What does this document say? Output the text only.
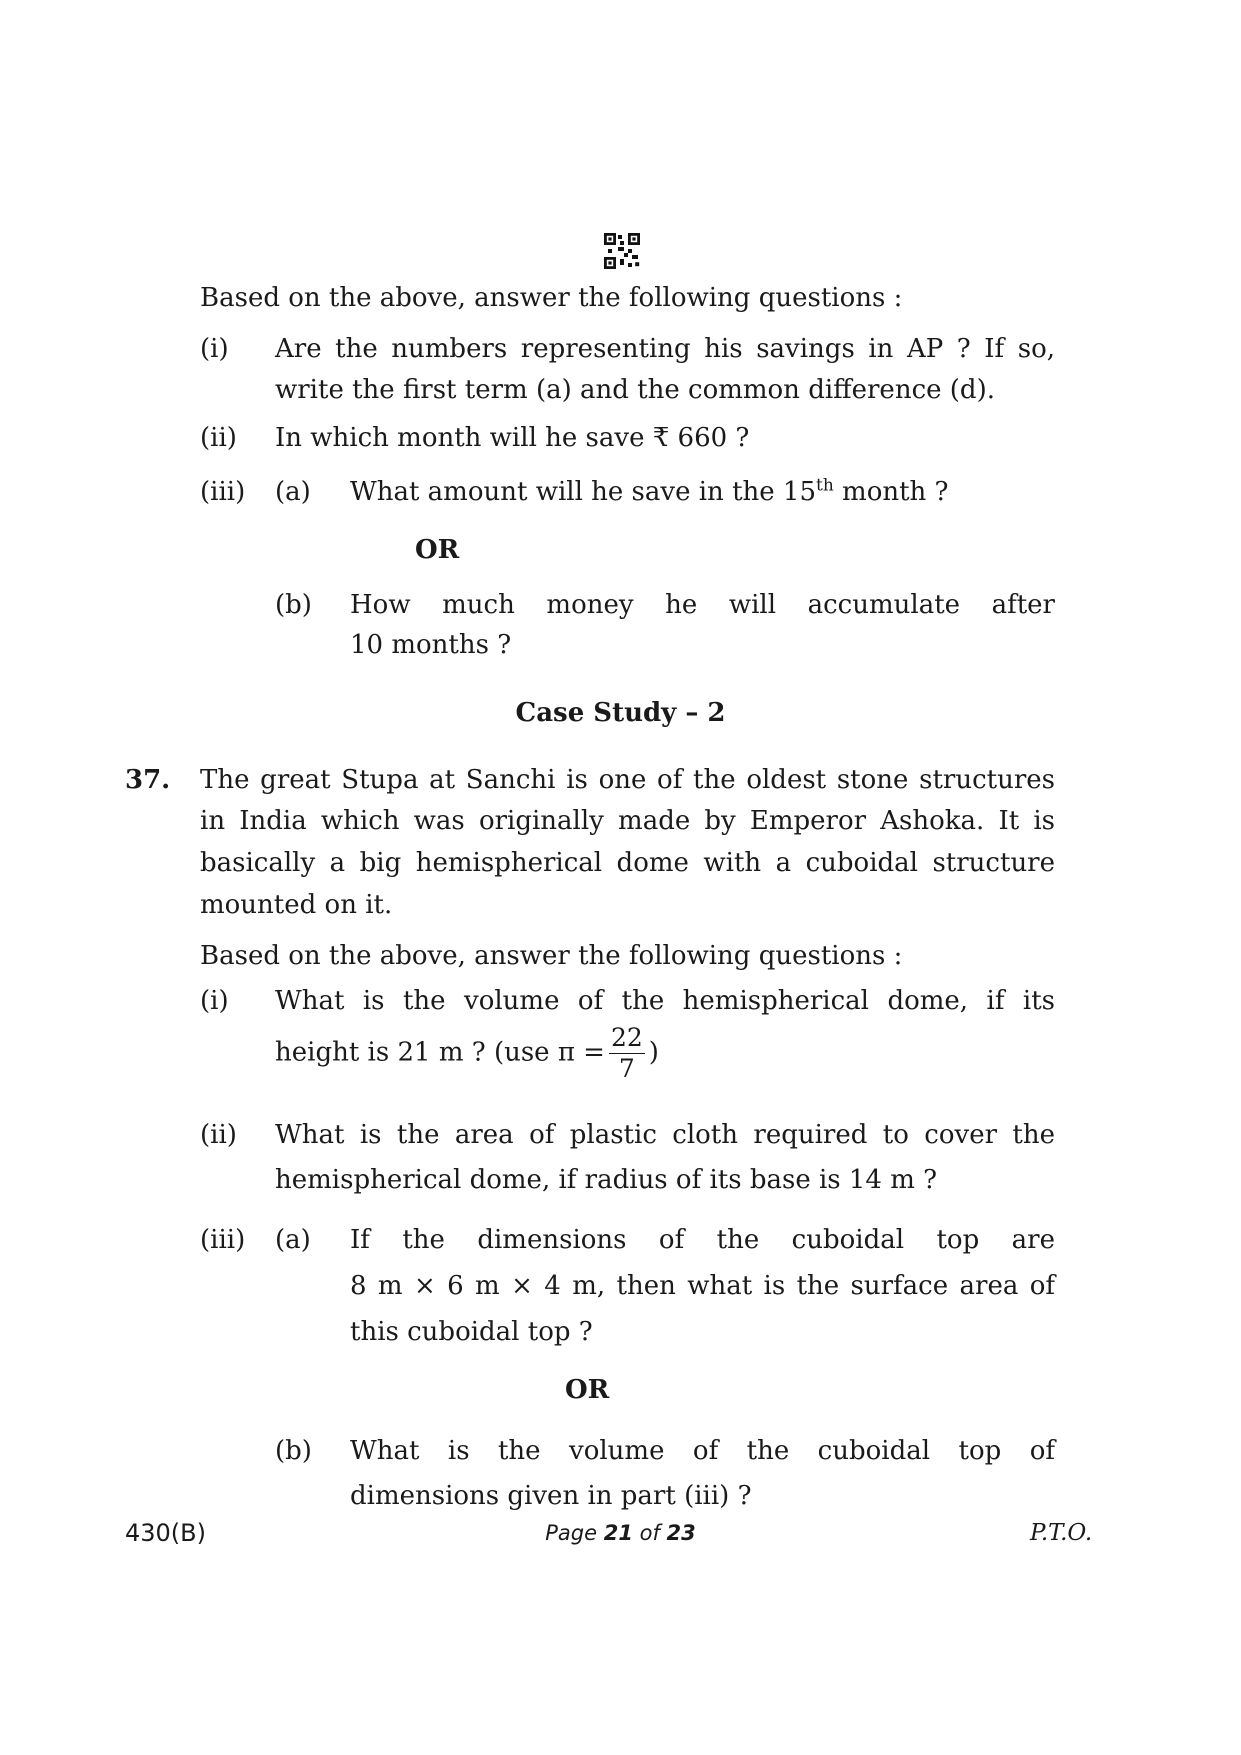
Based on the above, answer the following questions :
(i) Are the numbers representing his savings in AP ? If so,
write the first term (a) and the common difference (d).
(ii) In which month will he save ₹ 660 ?
(iii) (a) What amount will he save in the 15th month ?
OR
(b) How much money he will accumulate after
10 months ?
Case Study – 2
37. The great Stupa at Sanchi is one of the oldest stone structures
in India which was originally made by Emperor Ashoka. It is
basically a big hemispherical dome with a cuboidal structure
mounted on it.
Based on the above, answer the following questions :
(i) What is the volume of the hemispherical dome, if its
height is 21 m ? (use $\pi = \frac{22}{7}$ )
(ii) What is the area of plastic cloth required to cover the
hemispherical dome, if radius of its base is 14 m ?
(iii) (a) If the dimensions of the cuboidal top are
8 m × 6 m × 4 m, then what is the surface area of
this cuboidal top ?
OR
(b) What is the volume of the cuboidal top of
dimensions given in part (iii) ?
430(B)	Page 21 of 23	P.T.O.
